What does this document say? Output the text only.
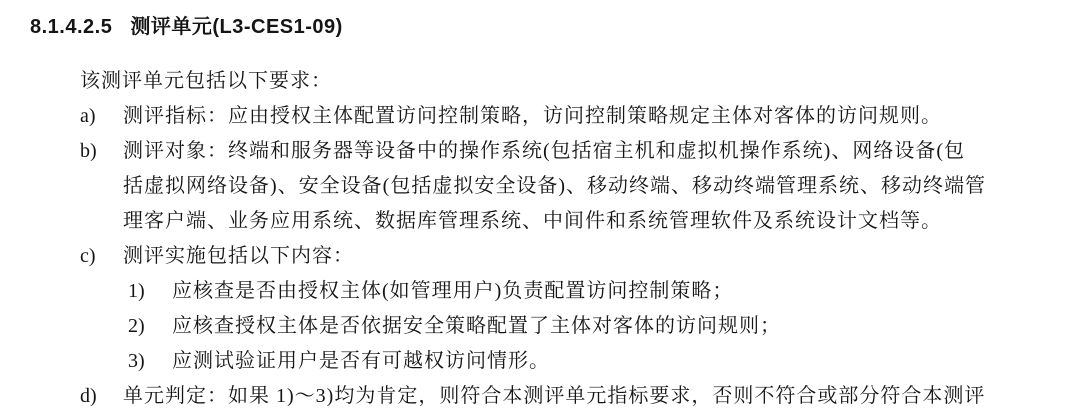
8.1.4.2.5 测评单元(L3-CES1-09)
该测评单元包括以下要求：
a)	测评指标：应由授权主体配置访问控制策略，访问控制策略规定主体对客体的访问规则。
b)	测评对象：终端和服务器等设备中的操作系统(包括宿主机和虚拟机操作系统)、网络设备(包
括虚拟网络设备)、安全设备(包括虚拟安全设备)、移动终端、移动终端管理系统、移动终端管
理客户端、业务应用系统、数据库管理系统、中间件和系统管理软件及系统设计文档等。
c)	测评实施包括以下内容：
1)	应核查是否由授权主体(如管理用户)负责配置访问控制策略；
2)	应核查授权主体是否依据安全策略配置了主体对客体的访问规则；
3)	应测试验证用户是否有可越权访问情形。
d)	单元判定：如果 1)～3)均为肯定，则符合本测评单元指标要求，否则不符合或部分符合本测评
